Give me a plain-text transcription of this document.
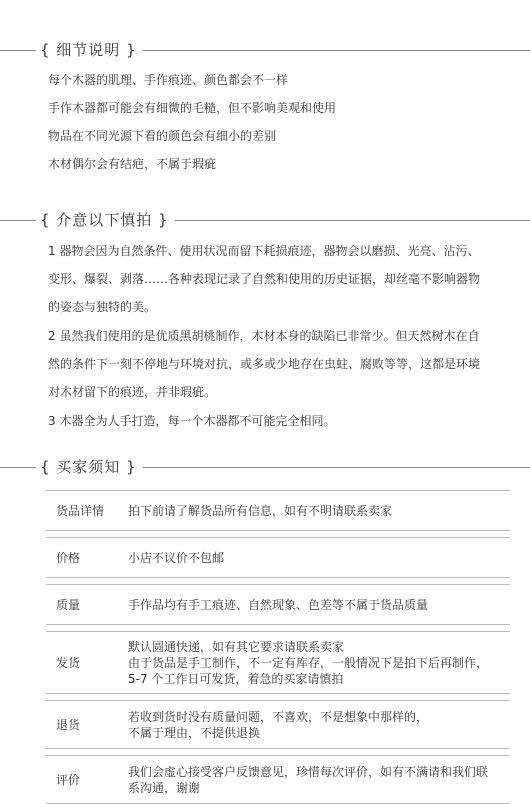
{ 细节说明 }
每个木器的肌理、手作痕迹、颜色都会不一样
手作木器都可能会有细微的毛糙，但不影响美观和使用
物品在不同光源下看的颜色会有细小的差别
木材偶尔会有结疤，不属于瑕疵
{ 介意以下慎拍 }
1 器物会因为自然条件、使用状况而留下耗损痕迹，器物会以磨损、光亮、沾污、
变形、爆裂、剥落……各种表现记录了自然和使用的历史证据，却丝毫不影响器物
的姿态与独特的美。
2 虽然我们使用的是优质黑胡桃制作，木材本身的缺陷已非常少。但天然树木在自
然的条件下一刻不停地与环境对抗，或多或少地存在虫蛀、腐败等等，这都是环境
对木材留下的痕迹，并非瑕疵。
3 木器全为人手打造，每一个木器都不可能完全相同。
{ 买家须知 }
货品详情	拍下前请了解货品所有信息，如有不明请联系卖家

价格	小店不议价不包邮

质量	手作品均有手工痕迹、自然现象、色差等不属于货品质量

发货	默认圆通快递，如有其它要求请联系卖家
由于货品是手工制作，不一定有库存，一般情况下是拍下后再制作，
5-7 个工作日可发货，着急的买家请慎拍

退货	若收到货时没有质量问题，不喜欢，不是想象中那样的，
不属于理由，不提供退换

评价	我们会虚心接受客户反馈意见，珍惜每次评价，如有不满请和我们联
系沟通，谢谢
